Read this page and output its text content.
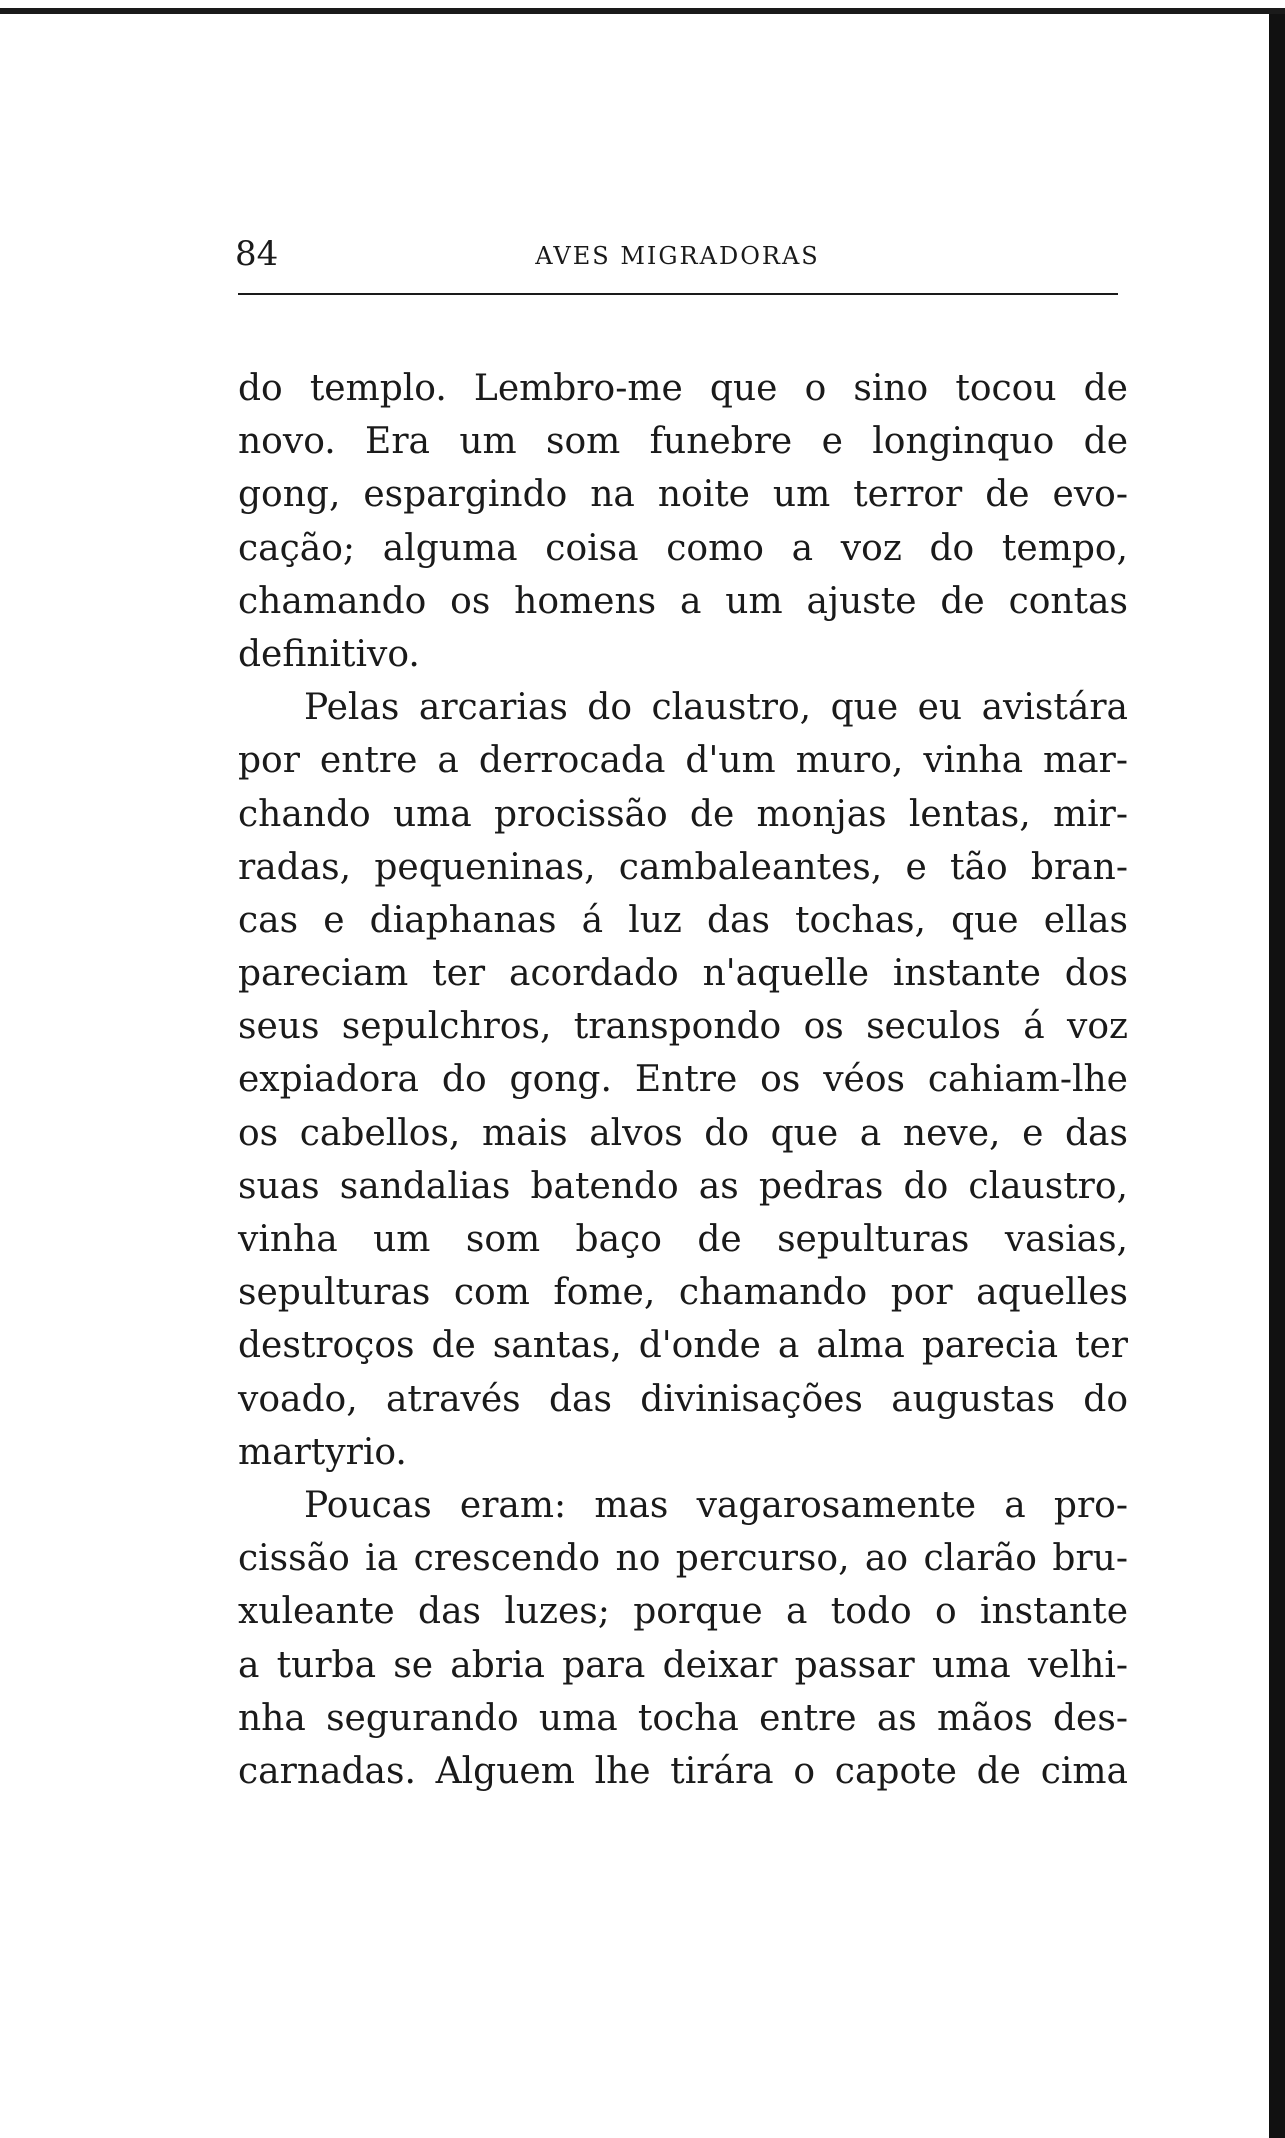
84	AVES MIGRADORAS
do templo. Lembro-me que o sino tocou de
novo. Era um som funebre e longinquo de
gong, espargindo na noite um terror de evo-
cação; alguma coisa como a voz do tempo,
chamando os homens a um ajuste de contas
definitivo.
Pelas arcarias do claustro, que eu avistára
por entre a derrocada d'um muro, vinha mar-
chando uma procissão de monjas lentas, mir-
radas, pequeninas, cambaleantes, e tão bran-
cas e diaphanas á luz das tochas, que ellas
pareciam ter acordado n'aquelle instante dos
seus sepulchros, transpondo os seculos á voz
expiadora do gong. Entre os véos cahiam-lhe
os cabellos, mais alvos do que a neve, e das
suas sandalias batendo as pedras do claustro,
vinha um som baço de sepulturas vasias,
sepulturas com fome, chamando por aquelles
destroços de santas, d'onde a alma parecia ter
voado, através das divinisações augustas do
martyrio.
Poucas eram: mas vagarosamente a pro-
cissão ia crescendo no percurso, ao clarão bru-
xuleante das luzes; porque a todo o instante
a turba se abria para deixar passar uma velhi-
nha segurando uma tocha entre as mãos des-
carnadas. Alguem lhe tirára o capote de cima
